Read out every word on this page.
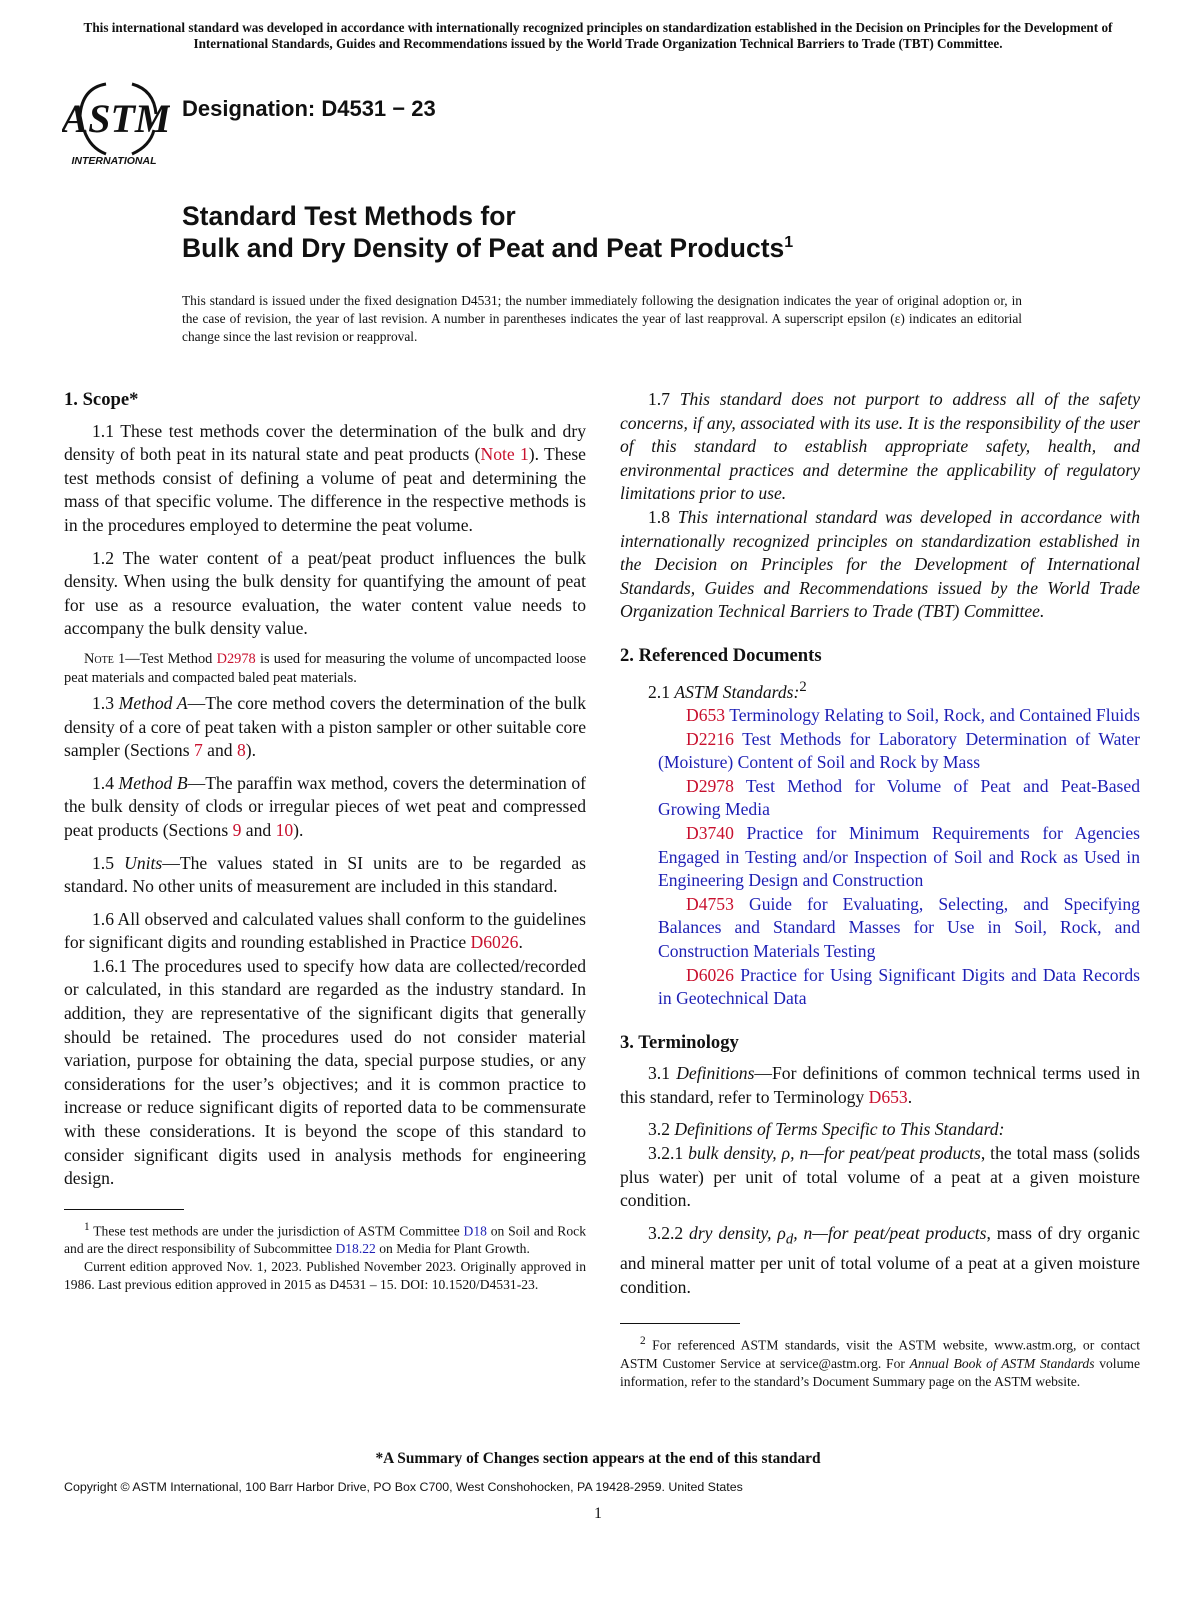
This international standard was developed in accordance with internationally recognized principles on standardization established in the Decision on Principles for the Development of International Standards, Guides and Recommendations issued by the World Trade Organization Technical Barriers to Trade (TBT) Committee.
ASTM
INTERNATIONAL
Designation: D4531 − 23
Standard Test Methods for
Bulk and Dry Density of Peat and Peat Products$^1$
This standard is issued under the fixed designation D4531; the number immediately following the designation indicates the year of original adoption or, in the case of revision, the year of last revision. A number in parentheses indicates the year of last reapproval. A superscript epsilon (ε) indicates an editorial change since the last revision or reapproval.
1. Scope*

1.1 These test methods cover the determination of the bulk and dry density of both peat in its natural state and peat products (Note 1). These test methods consist of defining a volume of peat and determining the mass of that specific volume. The difference in the respective methods is in the procedures employed to determine the peat volume.

1.2 The water content of a peat/peat product influences the bulk density. When using the bulk density for quantifying the amount of peat for use as a resource evaluation, the water content value needs to accompany the bulk density value.

Note 1—Test Method D2978 is used for measuring the volume of uncompacted loose peat materials and compacted baled peat materials.

1.3 Method A—The core method covers the determination of the bulk density of a core of peat taken with a piston sampler or other suitable core sampler (Sections 7 and 8).

1.4 Method B—The paraffin wax method, covers the determination of the bulk density of clods or irregular pieces of wet peat and compressed peat products (Sections 9 and 10).

1.5 Units—The values stated in SI units are to be regarded as standard. No other units of measurement are included in this standard.

1.6 All observed and calculated values shall conform to the guidelines for significant digits and rounding established in Practice D6026.

1.6.1 The procedures used to specify how data are collected/recorded or calculated, in this standard are regarded as the industry standard. In addition, they are representative of the significant digits that generally should be retained. The procedures used do not consider material variation, purpose for obtaining the data, special purpose studies, or any considerations for the user’s objectives; and it is common practice to increase or reduce significant digits of reported data to be commensurate with these considerations. It is beyond the scope of this standard to consider significant digits used in analysis methods for engineering design.

$^1$ These test methods are under the jurisdiction of ASTM Committee D18 on Soil and Rock and are the direct responsibility of Subcommittee D18.22 on Media for Plant Growth.

Current edition approved Nov. 1, 2023. Published November 2023. Originally approved in 1986. Last previous edition approved in 2015 as D4531 – 15. DOI: 10.1520/D4531-23.

1.7 This standard does not purport to address all of the safety concerns, if any, associated with its use. It is the responsibility of the user of this standard to establish appropriate safety, health, and environmental practices and determine the applicability of regulatory limitations prior to use.

1.8 This international standard was developed in accordance with internationally recognized principles on standardization established in the Decision on Principles for the Development of International Standards, Guides and Recommendations issued by the World Trade Organization Technical Barriers to Trade (TBT) Committee.

2. Referenced Documents

2.1 ASTM Standards:$^2$

D653 Terminology Relating to Soil, Rock, and Contained Fluids

D2216 Test Methods for Laboratory Determination of Water (Moisture) Content of Soil and Rock by Mass

D2978 Test Method for Volume of Peat and Peat-Based Growing Media

D3740 Practice for Minimum Requirements for Agencies Engaged in Testing and/or Inspection of Soil and Rock as Used in Engineering Design and Construction

D4753 Guide for Evaluating, Selecting, and Specifying Balances and Standard Masses for Use in Soil, Rock, and Construction Materials Testing

D6026 Practice for Using Significant Digits and Data Records in Geotechnical Data

3. Terminology

3.1 Definitions—For definitions of common technical terms used in this standard, refer to Terminology D653.

3.2 Definitions of Terms Specific to This Standard:

3.2.1 bulk density, ρ, n—for peat/peat products, the total mass (solids plus water) per unit of total volume of a peat at a given moisture condition.

3.2.2 dry density, $\rho_d$, n—for peat/peat products, mass of dry organic and mineral matter per unit of total volume of a peat at a given moisture condition.

$^2$ For referenced ASTM standards, visit the ASTM website, www.astm.org, or contact ASTM Customer Service at service@astm.org. For Annual Book of ASTM Standards volume information, refer to the standard’s Document Summary page on the ASTM website.

*A Summary of Changes section appears at the end of this standard
Copyright © ASTM International, 100 Barr Harbor Drive, PO Box C700, West Conshohocken, PA 19428-2959. United States
1
